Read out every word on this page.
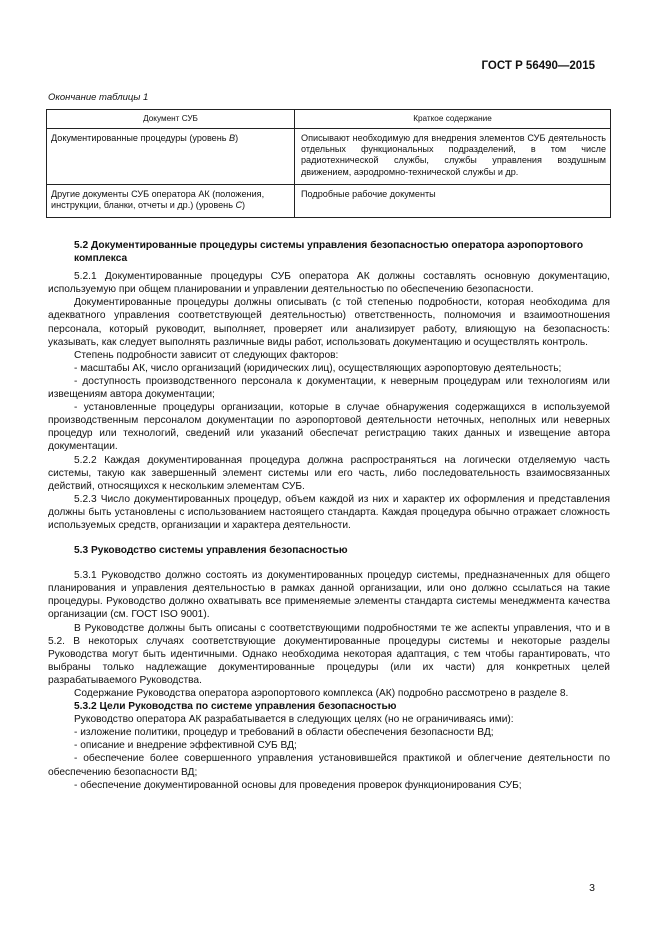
ГОСТ Р 56490—2015
Окончание таблицы 1
Документ СУБ	Краткое содержание
Документированные процедуры (уровень B)	Описывают необходимую для внедрения элементов СУБ деятельность отдельных функциональных подразделений, в том числе радиотехнической службы, службы управления воздушным движением, аэродромно-технической службы и др.
Другие документы СУБ оператора АК (положения, инструкции, бланки, отчеты и др.) (уровень C)	Подробные рабочие документы
5.2 Документированные процедуры системы управления безопасностью оператора аэропортового комплекса

5.2.1 Документированные процедуры СУБ оператора АК должны составлять основную документацию, используемую при общем планировании и управлении деятельностью по обеспечению безопасности.

Документированные процедуры должны описывать (с той степенью подробности, которая необходима для адекватного управления соответствующей деятельностью) ответственность, полномочия и взаимоотношения персонала, который руководит, выполняет, проверяет или анализирует работу, влияющую на безопасность: указывать, как следует выполнять различные виды работ, использовать документацию и осуществлять контроль.

Степень подробности зависит от следующих факторов:

- масштабы АК, число организаций (юридических лиц), осуществляющих аэропортовую деятельность;

- доступность производственного персонала к документации, к неверным процедурам или технологиям или извещениям автора документации;

- установленные процедуры организации, которые в случае обнаружения содержащихся в используемой производственным персоналом документации по аэропортовой деятельности неточных, неполных или неверных процедур или технологий, сведений или указаний обеспечат регистрацию таких данных и извещение автора документации.

5.2.2 Каждая документированная процедура должна распространяться на логически отделяемую часть системы, такую как завершенный элемент системы или его часть, либо последовательность взаимосвязанных действий, относящихся к нескольким элементам СУБ.

5.2.3 Число документированных процедур, объем каждой из них и характер их оформления и представления должны быть установлены с использованием настоящего стандарта. Каждая процедура обычно отражает сложность используемых средств, организации и характера деятельности.

5.3 Руководство системы управления безопасностью

5.3.1 Руководство должно состоять из документированных процедур системы, предназначенных для общего планирования и управления деятельностью в рамках данной организации, или оно должно ссылаться на такие процедуры. Руководство должно охватывать все применяемые элементы стандарта системы менеджмента качества организации (см. ГОСТ ISO 9001).

В Руководстве должны быть описаны с соответствующими подробностями те же аспекты управления, что и в 5.2. В некоторых случаях соответствующие документированные процедуры системы и некоторые разделы Руководства могут быть идентичными. Однако необходима некоторая адаптация, с тем чтобы гарантировать, что выбраны только надлежащие документированные процедуры (или их части) для конкретных целей разрабатываемого Руководства.

Содержание Руководства оператора аэропортового комплекса (АК) подробно рассмотрено в разделе 8.

5.3.2 Цели Руководства по системе управления безопасностью

Руководство оператора АК разрабатывается в следующих целях (но не ограничиваясь ими):

- изложение политики, процедур и требований в области обеспечения безопасности ВД;

- описание и внедрение эффективной СУБ ВД;

- обеспечение более совершенного управления установившейся практикой и облегчение деятельности по обеспечению безопасности ВД;

- обеспечение документированной основы для проведения проверок функционирования СУБ;

3
